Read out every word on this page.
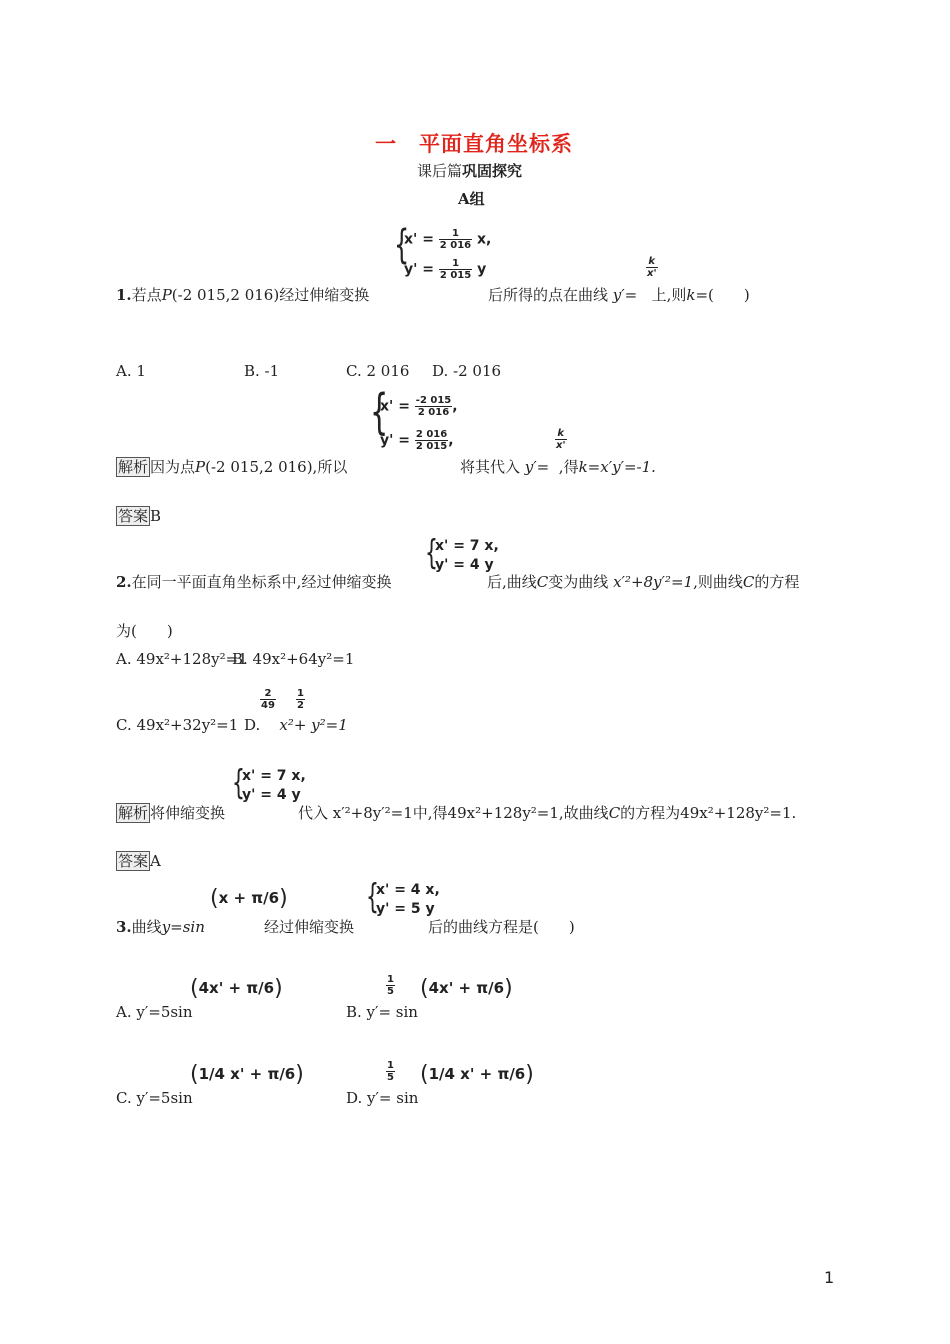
一　平面直角坐标系
课后篇巩固探究
A组
{
$x' = \frac{1}{2 016} x$,
$y' = \frac{1}{2 015}$ y	$\frac{k}{x'}$
1.若点P(-2 015,2 016)经过伸缩变换	后所得的点在曲线 y′= 上,则k=(　　)
A. 1	B. -1	C. 2 016 D. -2 016
{
$x' = \frac{-2 015}{2 016}$ ,
$y' = \frac{2 016}{2 015}$ ,	$\frac{k}{x'}$
解析 因为点P(-2 015,2 016),所以	将其代入 y′= ,得k=x′y′=-1.
答案 B
{
x' = 7 x,
y' = 4 y
2.在同一平面直角坐标系中,经过伸缩变换	后,曲线C变为曲线 x′²+8y′²=1,则曲线C的方程
为(　　)
A. 49x²+128y²=1
B. 49x²+64y²=1
$\frac{2}{49} \frac{1}{2}$
C. 49x²+32y²=1 D. x²+ y²=1
{
x' = 7 x,
y' = 4 y
解析 将伸缩变换	代入 x′²+8y′²=1中,得49x²+128y²=1,故曲线C的方程为49x²+128y²=1.
答案 A
(x + π/6) {
x' = 4 x,
y' = 5 y
3.曲线y=sin	经过伸缩变换	后的曲线方程是(　　)
(4x' + π/6)
A. y′=5sin
$\frac{1}{5} (4x' + \pi/6)$
B. y′= sin
(1/4 x' + π/6)
C. y′=5sin
$\frac{1}{5} (1/4$ x' + π/6)
D. y′= sin
1
